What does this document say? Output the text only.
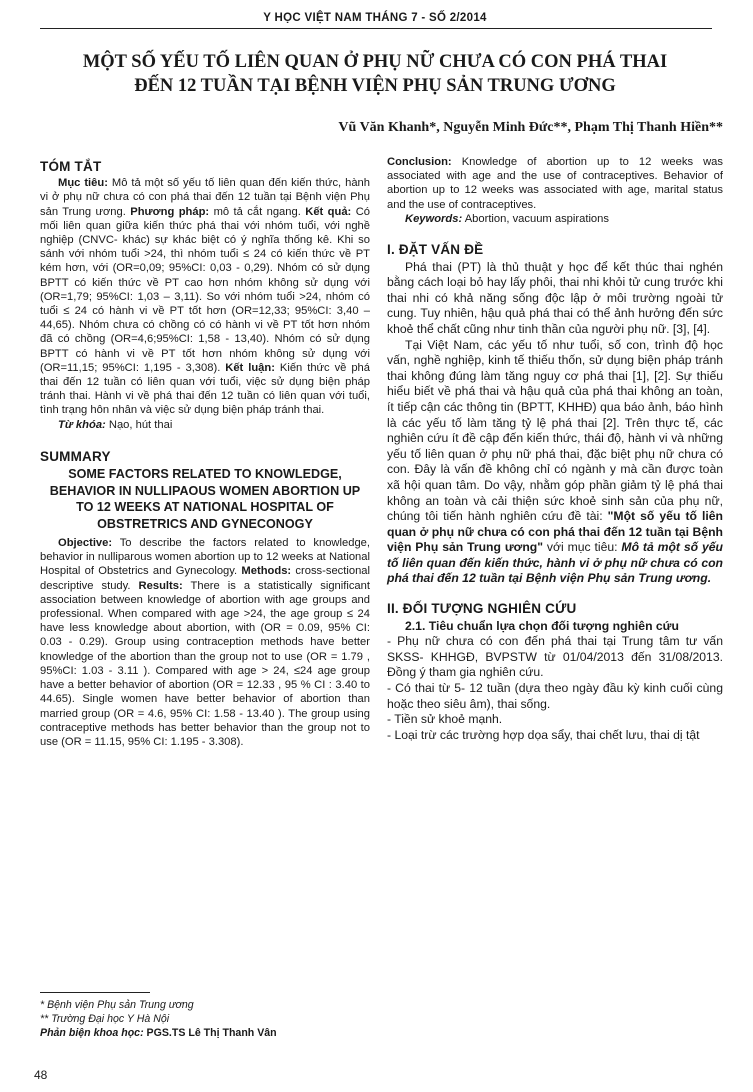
Y HỌC VIỆT NAM THÁNG 7 - SỐ 2/2014
MỘT SỐ YẾU TỐ LIÊN QUAN Ở PHỤ NỮ CHƯA CÓ CON PHÁ THAI
ĐẾN 12 TUẦN TẠI BỆNH VIỆN PHỤ SẢN TRUNG ƯƠNG
Vũ Văn Khanh*, Nguyễn Minh Đức**, Phạm Thị Thanh Hiền**
TÓM TẮT

Mục tiêu: Mô tả một số yếu tố liên quan đến kiến thức, hành vi ở phụ nữ chưa có con phá thai đến 12 tuần tại Bệnh viện Phụ sản Trung ương. Phương pháp: mô tả cắt ngang. Kết quả: Có mối liên quan giữa kiến thức phá thai với nhóm tuổi, với nghề nghiệp (CNVC- khác) sự khác biệt có ý nghĩa thống kê. Khi so sánh với nhóm tuổi >24, thì nhóm tuổi ≤ 24 có kiến thức về PT kém hơn, với (OR=0,09; 95%CI: 0,03 - 0,29). Nhóm có sử dụng BPTT có kiến thức về PT cao hơn nhóm không sử dụng với (OR=1,79; 95%CI: 1,03 – 3,11). So với nhóm tuổi >24, nhóm có tuổi ≤ 24 có hành vi về PT tốt hơn (OR=12,33; 95%CI: 3,40 – 44,65). Nhóm chưa có chồng có có hành vi về PT tốt hơn nhóm đã có chồng (OR=4,6;95%CI: 1,58 - 13,40). Nhóm có sử dụng BPTT có hành vi về PT tốt hơn nhóm không sử dụng với (OR=11,15; 95%CI: 1,195 - 3,308). Kết luận: Kiến thức về phá thai đến 12 tuần có liên quan với tuổi, việc sử dụng biện pháp tránh thai. Hành vi về phá thai đến 12 tuần có liên quan với tuổi, tình trạng hôn nhân và việc sử dụng biện pháp tránh thai.

Từ khóa: Nạo, hút thai

SUMMARY
SOME FACTORS RELATED TO KNOWLEDGE, BEHAVIOR IN NULLIPAOUS WOMEN ABORTION UP TO 12 WEEKS AT NATIONAL HOSPITAL OF OBSTRETRICS AND GYNECONOGY

Objective: To describe the factors related to knowledge, behavior in nulliparous women abortion up to 12 weeks at National Hospital of Obstetrics and Gynecology. Methods: cross-sectional descriptive study. Results: There is a statistically significant association between knowledge of abortion with age groups and professional. When compared with age >24, the age group ≤ 24 have less knowledge about abortion, with (OR = 0.09, 95% CI: 0.03 - 0.29). Group using contraception methods have better knowledge of the abortion than the group not to use (OR = 1.79 , 95%CI: 1.03 - 3.11 ). Compared with age > 24, ≤24 age group have a better behavior of abortion (OR = 12.33 , 95 % CI : 3.40 to 44.65). Single women have better behavior of abortion than married group (OR = 4.6, 95% CI: 1.58 - 13.40 ). The group using contraceptive methods has better behavior than the group not to use (OR = 11.15, 95% CI: 1.195 - 3.308).

* Bệnh viện Phụ sản Trung ương
** Trường Đại học Y Hà Nội
Phản biện khoa học: PGS.TS Lê Thị Thanh Vân

Conclusion: Knowledge of abortion up to 12 weeks was associated with age and the use of contraceptives. Behavior of abortion up to 12 weeks was associated with age, marital status and the use of contraceptives.

Keywords: Abortion, vacuum aspirations

I. ĐẶT VẤN ĐỀ

Phá thai (PT) là thủ thuật y học để kết thúc thai nghén bằng cách loại bỏ hay lấy phôi, thai nhi khỏi tử cung trước khi thai nhi có khả năng sống độc lập ở môi trường ngoài tử cung. Tuy nhiên, hậu quả phá thai có thể ảnh hưởng đến sức khoẻ thể chất cũng như tinh thần của người phụ nữ. [3], [4].

Tại Việt Nam, các yếu tố như tuổi, số con, trình độ học vấn, nghề nghiệp, kinh tế thiếu thốn, sử dụng biện pháp tránh thai không đúng làm tăng nguy cơ phá thai [1], [2]. Sự thiếu hiểu biết về phá thai và hậu quả của phá thai không an toàn, ít tiếp cận các thông tin (BPTT, KHHĐ) qua báo ảnh, báo hình là các yếu tố làm tăng tỷ lệ phá thai [2]. Trên thực tế, các nghiên cứu ít đề cập đến kiến thức, thái độ, hành vi và những yếu tố liên quan ở phụ nữ phá thai, đặc biệt phụ nữ chưa có con. Đây là vấn đề không chỉ có ngành y mà cần được toàn xã hội quan tâm. Do vậy, nhằm góp phần giảm tỷ lệ phá thai không an toàn và cải thiện sức khoẻ sinh sản của phụ nữ, chúng tôi tiến hành nghiên cứu đề tài: "Một số yếu tố liên quan ở phụ nữ chưa có con phá thai đến 12 tuần tại Bệnh viện Phụ sản Trung ương" với mục tiêu: Mô tả một số yếu tố liên quan đến kiến thức, hành vi ở phụ nữ chưa có con phá thai đến 12 tuần tại Bệnh viện Phụ sản Trung ương.

II. ĐỐI TƯỢNG NGHIÊN CỨU

2.1. Tiêu chuẩn lựa chọn đối tượng nghiên cứu

- Phụ nữ chưa có con đến phá thai tại Trung tâm tư vấn SKSS- KHHGĐ, BVPSTW từ 01/04/2013 đến 31/08/2013. Đồng ý tham gia nghiên cứu.

- Có thai từ 5- 12 tuần (dựa theo ngày đầu kỳ kinh cuối cùng hoặc theo siêu âm), thai sống.

- Tiền sử khoẻ mạnh.

- Loại trừ các trường hợp dọa sẩy, thai chết lưu, thai dị tật

48
